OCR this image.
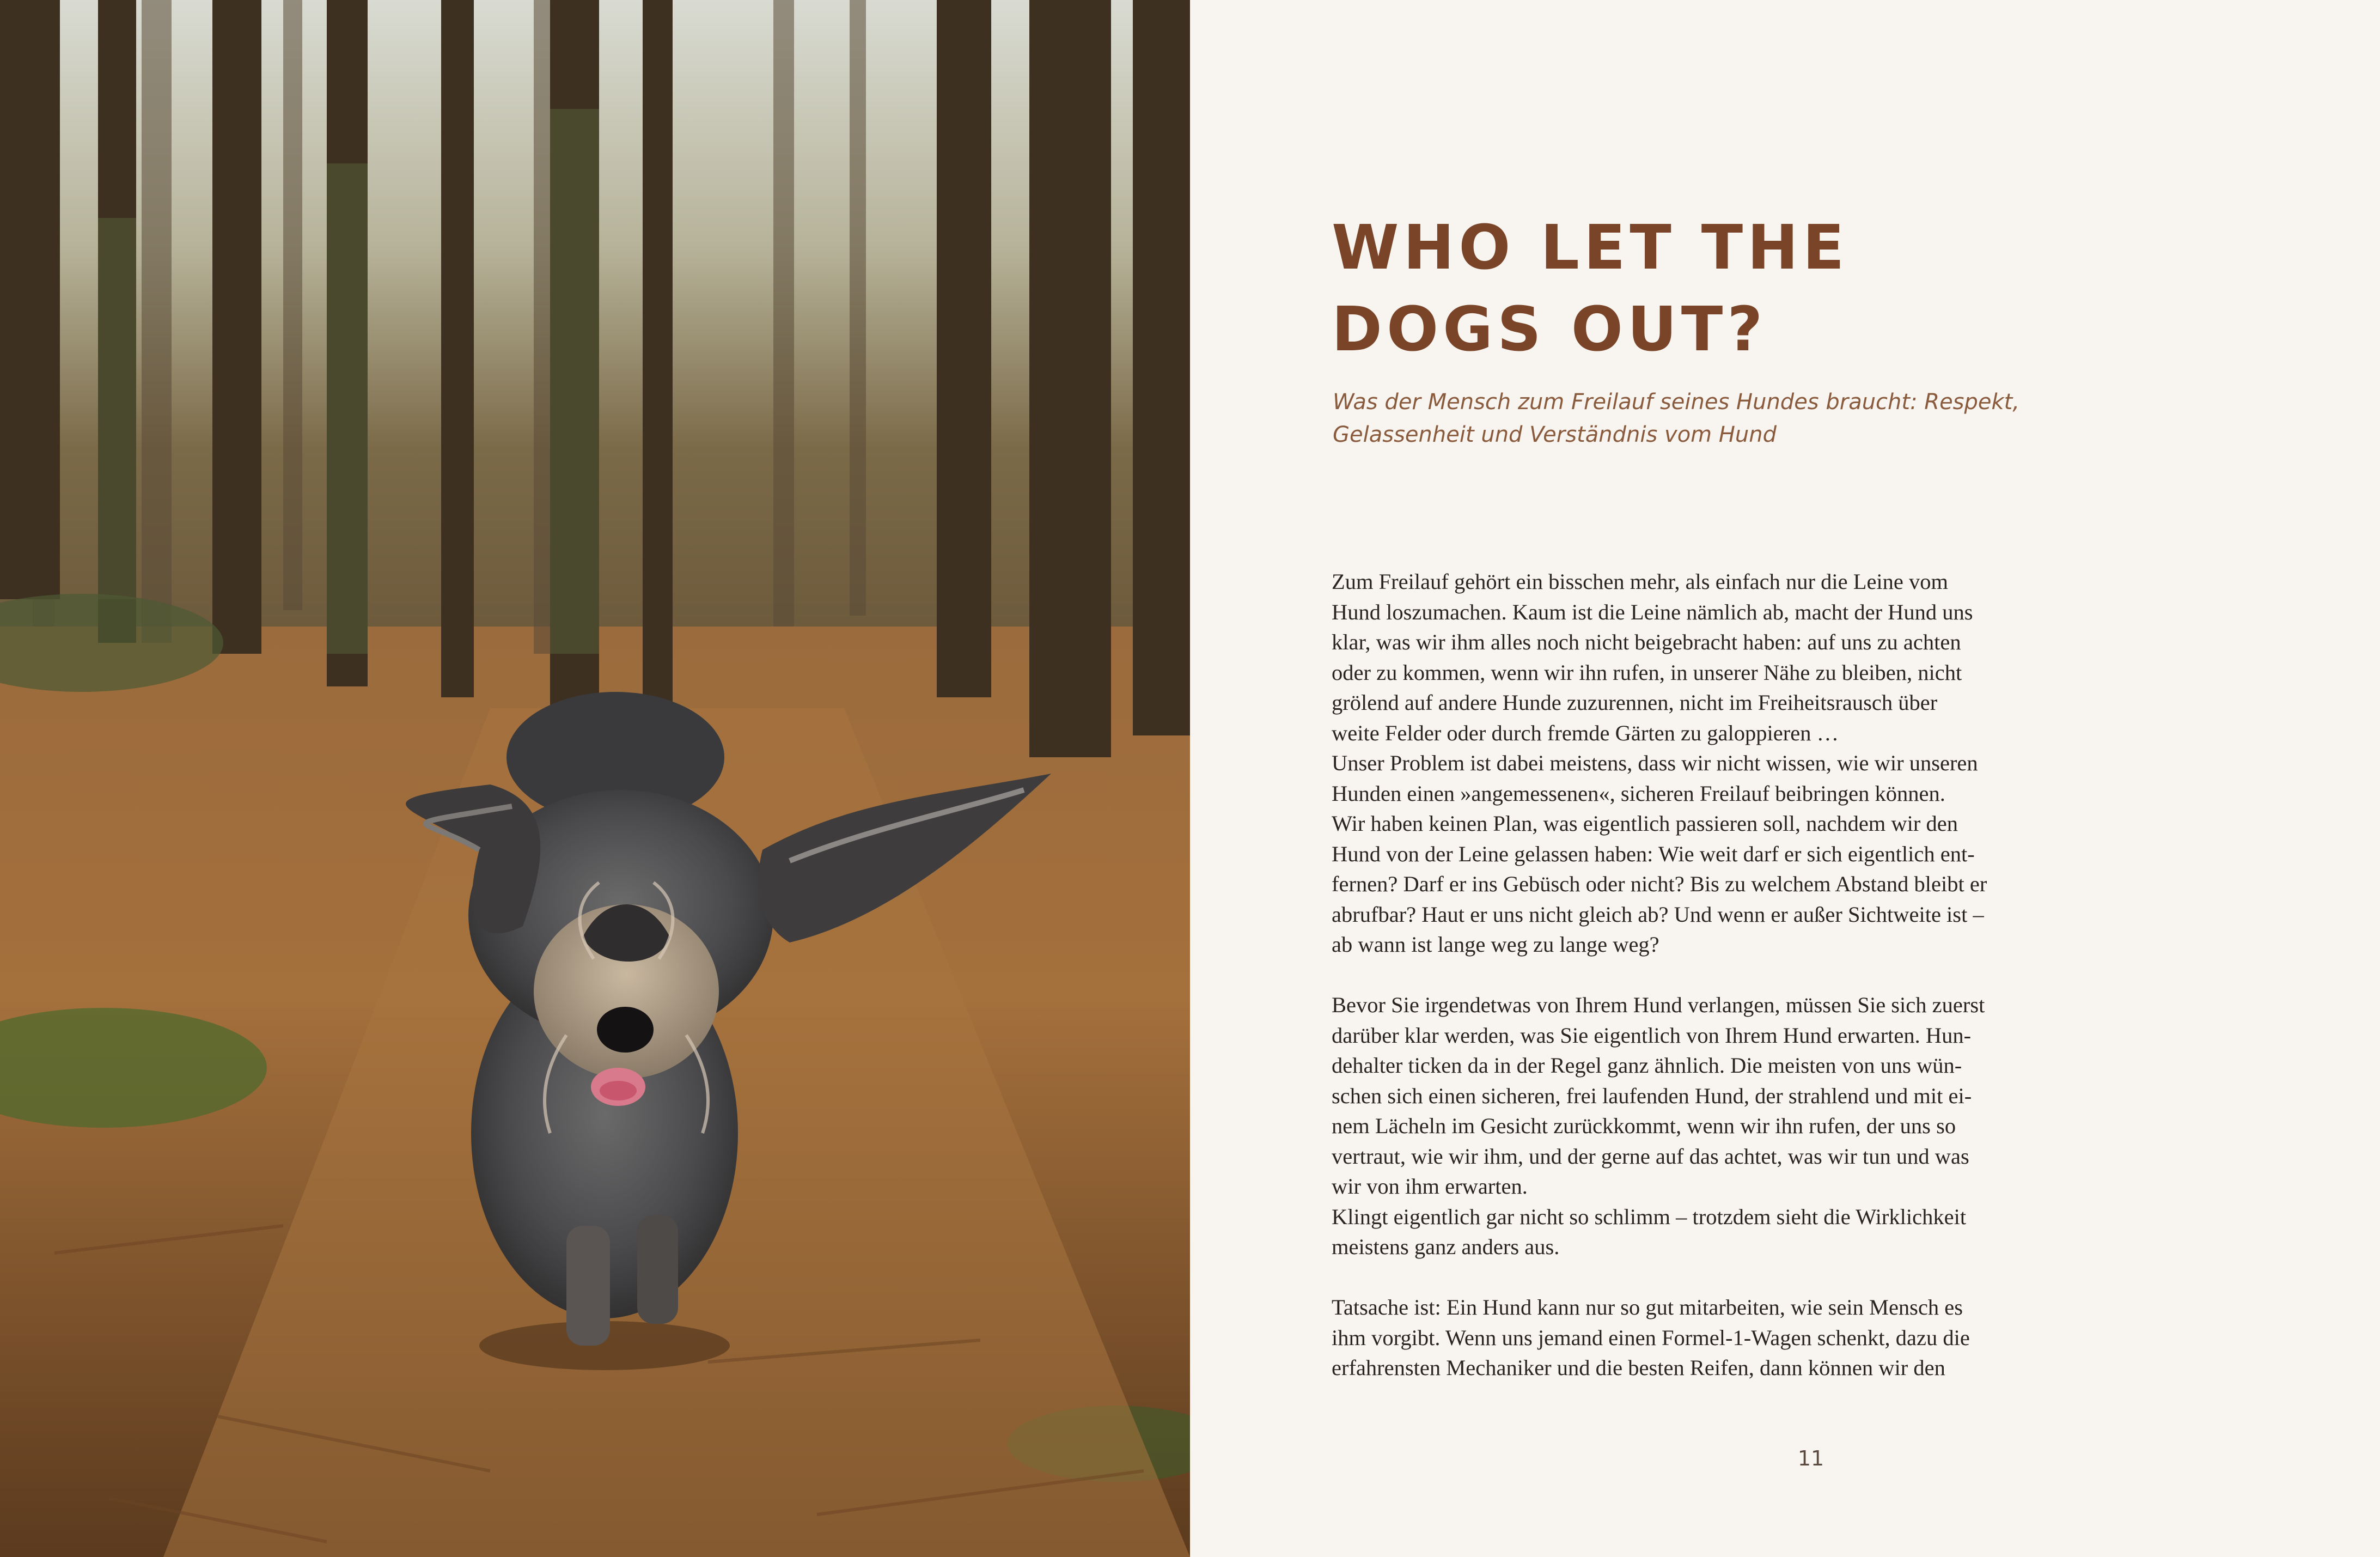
WHO LET THE
DOGS OUT?

Was der Mensch zum Freilauf seines Hundes braucht: Respekt,
Gelassenheit und Verständnis vom Hund

Zum Freilauf gehört ein bisschen mehr, als einfach nur die Leine vom
Hund loszumachen. Kaum ist die Leine nämlich ab, macht der Hund uns
klar, was wir ihm alles noch nicht beigebracht haben: auf uns zu achten
oder zu kommen, wenn wir ihn rufen, in unserer Nähe zu bleiben, nicht
grölend auf andere Hunde zuzurennen, nicht im Freiheitsrausch über
weite Felder oder durch fremde Gärten zu galoppieren …
Unser Problem ist dabei meistens, dass wir nicht wissen, wie wir unseren
Hunden einen »angemessenen«, sicheren Freilauf beibringen können.
Wir haben keinen Plan, was eigentlich passieren soll, nachdem wir den
Hund von der Leine gelassen haben: Wie weit darf er sich eigentlich ent-
fernen? Darf er ins Gebüsch oder nicht? Bis zu welchem Abstand bleibt er
abrufbar? Haut er uns nicht gleich ab? Und wenn er außer Sichtweite ist –
ab wann ist lange weg zu lange weg?

Bevor Sie irgendetwas von Ihrem Hund verlangen, müssen Sie sich zuerst
darüber klar werden, was Sie eigentlich von Ihrem Hund erwarten. Hun-
dehalter ticken da in der Regel ganz ähnlich. Die meisten von uns wün-
schen sich einen sicheren, frei laufenden Hund, der strahlend und mit ei-
nem Lächeln im Gesicht zurückkommt, wenn wir ihn rufen, der uns so
vertraut, wie wir ihm, und der gerne auf das achtet, was wir tun und was
wir von ihm erwarten.
Klingt eigentlich gar nicht so schlimm – trotzdem sieht die Wirklichkeit
meistens ganz anders aus.

Tatsache ist: Ein Hund kann nur so gut mitarbeiten, wie sein Mensch es
ihm vorgibt. Wenn uns jemand einen Formel-1-Wagen schenkt, dazu die
erfahrensten Mechaniker und die besten Reifen, dann können wir den

11
